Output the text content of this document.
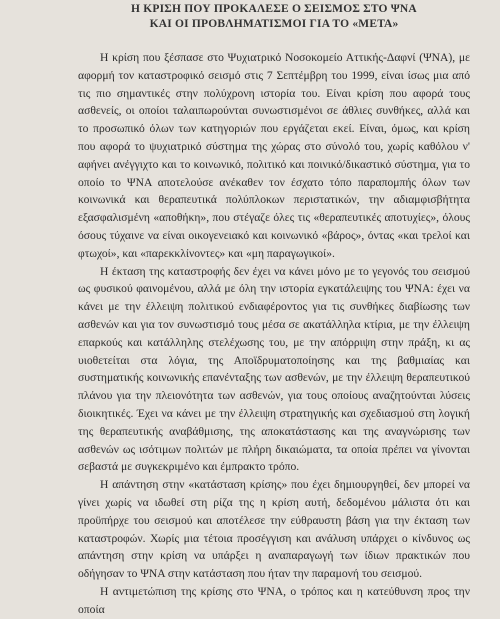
Η ΚΡΙΣΗ ΠΟΥ ΠΡΟΚΑΛΕΣΕ Ο ΣΕΙΣΜΟΣ ΣΤΟ ΨΝΑ
ΚΑΙ ΟΙ ΠΡΟΒΛΗΜΑΤΙΣΜΟΙ ΓΙΑ ΤΟ «ΜΕΤΑ»

Η κρίση που ξέσπασε στο Ψυχιατρικό Νοσοκομείο Αττικής-Δαφνί (ΨΝΑ), με αφορμή τον καταστροφικό σεισμό στις 7 Σεπτέμβρη του 1999, είναι ίσως μια από τις πιο σημαντικές στην πολύχρονη ιστορία του. Είναι κρίση που αφορά τους ασθενείς, οι οποίοι ταλαιπωρούνται συνωστισμένοι σε άθλιες συνθήκες, αλλά και το προσωπικό όλων των κατηγοριών που εργάζεται εκεί. Είναι, όμως, και κρίση που αφορά το ψυχιατρικό σύστημα της χώρας στο σύνολό του, χωρίς καθόλου ν' αφήνει ανέγγιχτο και το κοινωνικό, πολιτικό και ποινικό/δικαστικό σύστημα, για το οποίο το ΨΝΑ αποτελούσε ανέκαθεν τον έσχατο τόπο παραπομπής όλων των κοινωνικά και θεραπευτικά πολύπλοκων περιστατικών, την αδιαμφισβήτητα εξασφαλισμένη «αποθήκη», που στέγαζε όλες τις «θεραπευτικές αποτυχίες», όλους όσους τύχαινε να είναι οικογενειακό και κοινωνικό «βάρος», όντας «και τρελοί και φτωχοί», και «παρεκκλίνοντες» και «μη παραγωγικοί».

Η έκταση της καταστροφής δεν έχει να κάνει μόνο με το γεγονός του σεισμού ως φυσικού φαινομένου, αλλά με όλη την ιστορία εγκατάλειψης του ΨΝΑ: έχει να κάνει με την έλλειψη πολιτικού ενδιαφέροντος για τις συνθήκες διαβίωσης των ασθενών και για τον συνωστισμό τους μέσα σε ακατάλληλα κτίρια, με την έλλειψη επαρκούς και κατάλληλης στελέχωσης του, με την απόρριψη στην πράξη, κι ας υιοθετείται στα λόγια, της Αποϊδρυματοποίησης και της βαθμιαίας και συστηματικής κοινωνικής επανένταξης των ασθενών, με την έλλειψη θεραπευτικού πλάνου για την πλειονότητα των ασθενών, για τους οποίους αναζητούνται λύσεις διοικητικές. Έχει να κάνει με την έλλειψη στρατηγικής και σχεδιασμού στη λογική της θεραπευτικής αναβάθμισης, της αποκατάστασης και της αναγνώρισης των ασθενών ως ισότιμων πολιτών με πλήρη δικαιώματα, τα οποία πρέπει να γίνονται σεβαστά με συγκεκριμένο και έμπρακτο τρόπο.

Η απάντηση στην «κατάσταση κρίσης» που έχει δημιουργηθεί, δεν μπορεί να γίνει χωρίς να ιδωθεί στη ρίζα της η κρίση αυτή, δεδομένου μάλιστα ότι και προϋπήρχε του σεισμού και αποτέλεσε την εύθραυστη βάση για την έκταση των καταστροφών. Χωρίς μια τέτοια προσέγγιση και ανάλυση υπάρχει ο κίνδυνος ως απάντηση στην κρίση να υπάρξει η αναπαραγωγή των ίδιων πρακτικών που οδήγησαν το ΨΝΑ στην κατάσταση που ήταν την παραμονή του σεισμού.

Η αντιμετώπιση της κρίσης στο ΨΝΑ, ο τρόπος και η κατεύθυνση προς την οποία
